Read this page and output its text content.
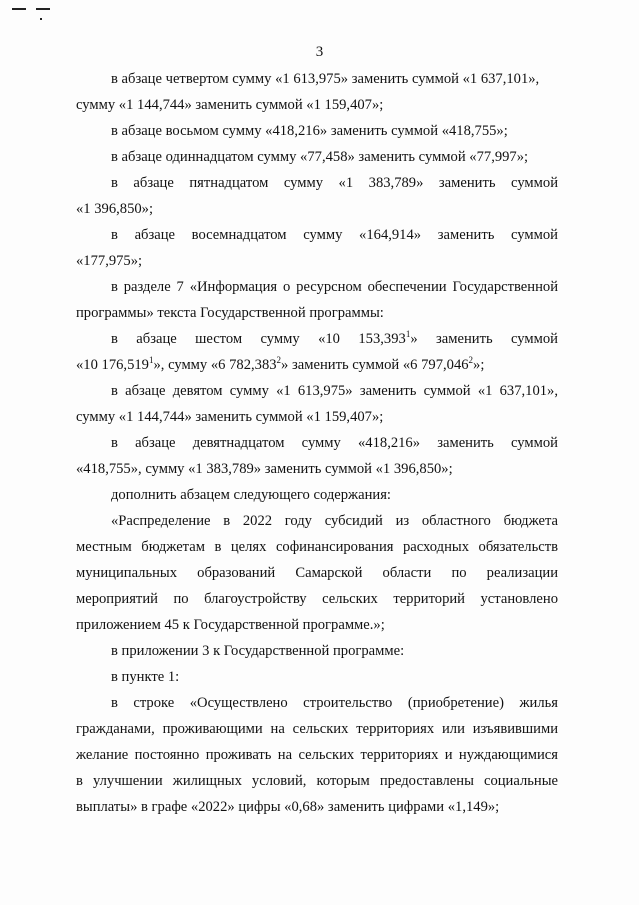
3
в абзаце четвертом сумму «1 613,975» заменить суммой «1 637,101»,
сумму «1 144,744» заменить суммой «1 159,407»;
в абзаце восьмом сумму «418,216» заменить суммой «418,755»;
в абзаце одиннадцатом сумму «77,458» заменить суммой «77,997»;
в абзаце пятнадцатом сумму «1 383,789» заменить суммой
«1 396,850»;
в абзаце восемнадцатом сумму «164,914» заменить суммой
«177,975»;
в разделе 7 «Информация о ресурсном обеспечении Государственной
программы» текста Государственной программы:
в абзаце шестом сумму «10 153,393$^1$» заменить суммой
«10 176,519$^1$», сумму «6 782,383$^2$» заменить суммой «6 797,046$^2$»;
в абзаце девятом сумму «1 613,975» заменить суммой «1 637,101»,
сумму «1 144,744» заменить суммой «1 159,407»;
в абзаце девятнадцатом сумму «418,216» заменить суммой
«418,755», сумму «1 383,789» заменить суммой «1 396,850»;
дополнить абзацем следующего содержания:
«Распределение в 2022 году субсидий из областного бюджета
местным бюджетам в целях софинансирования расходных обязательств
муниципальных образований Самарской области по реализации
мероприятий по благоустройству сельских территорий установлено
приложением 45 к Государственной программе.»;
в приложении 3 к Государственной программе:
в пункте 1:
в строке «Осуществлено строительство (приобретение) жилья
гражданами, проживающими на сельских территориях или изъявившими
желание постоянно проживать на сельских территориях и нуждающимися
в улучшении жилищных условий, которым предоставлены социальные
выплаты» в графе «2022» цифры «0,68» заменить цифрами «1,149»;
